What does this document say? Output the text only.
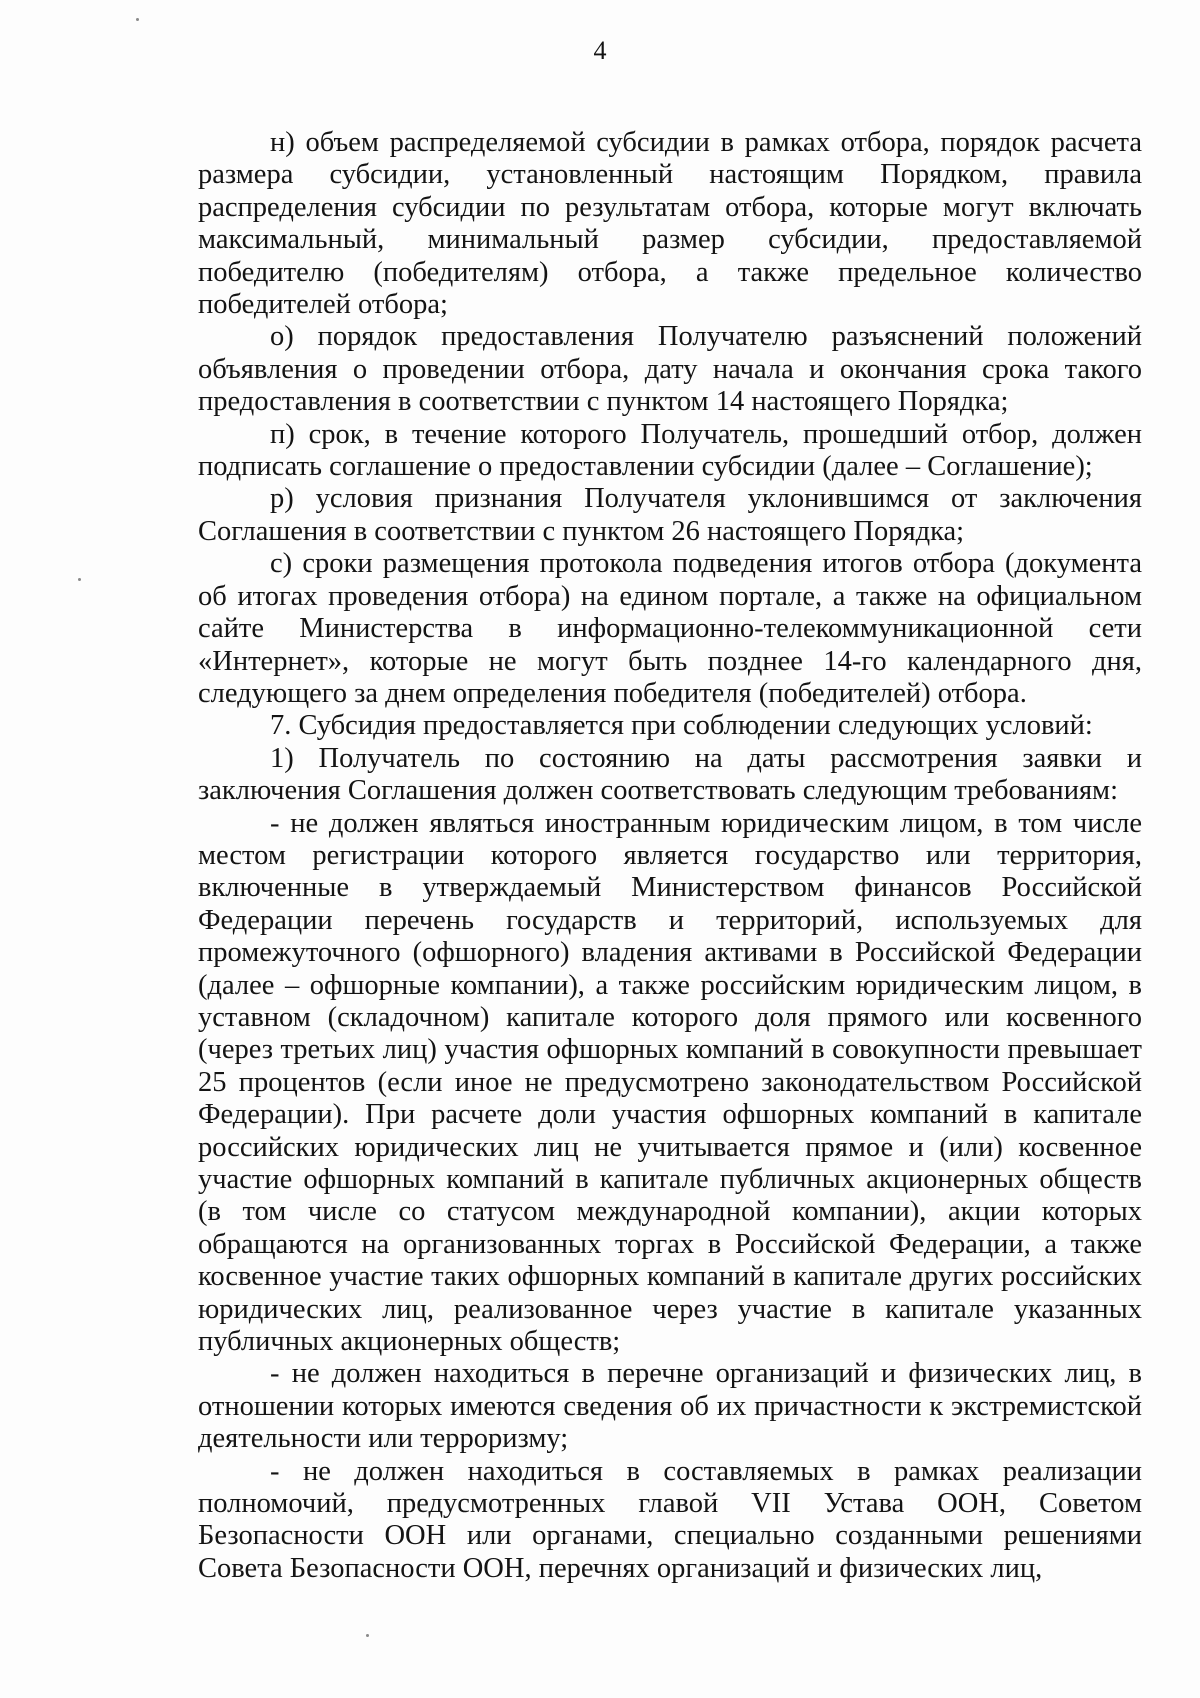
4

н) объем распределяемой субсидии в рамках отбора, порядок расчета размера субсидии, установленный настоящим Порядком, правила распределения субсидии по результатам отбора, которые могут включать максимальный, минимальный размер субсидии, предоставляемой победителю (победителям) отбора, а также предельное количество победителей отбора;

о) порядок предоставления Получателю разъяснений положений объявления о проведении отбора, дату начала и окончания срока такого предоставления в соответствии с пунктом 14 настоящего Порядка;

п) срок, в течение которого Получатель, прошедший отбор, должен подписать соглашение о предоставлении субсидии (далее – Соглашение);

р) условия признания Получателя уклонившимся от заключения Соглашения в соответствии с пунктом 26 настоящего Порядка;

с) сроки размещения протокола подведения итогов отбора (документа об итогах проведения отбора) на едином портале, а также на официальном сайте Министерства в информационно-телекоммуникационной сети «Интернет», которые не могут быть позднее 14-го календарного дня, следующего за днем определения победителя (победителей) отбора.

7. Субсидия предоставляется при соблюдении следующих условий:

1) Получатель по состоянию на даты рассмотрения заявки и заключения Соглашения должен соответствовать следующим требованиям:

- не должен являться иностранным юридическим лицом, в том числе местом регистрации которого является государство или территория, включенные в утверждаемый Министерством финансов Российской Федерации перечень государств и территорий, используемых для промежуточного (офшорного) владения активами в Российской Федерации (далее – офшорные компании), а также российским юридическим лицом, в уставном (складочном) капитале которого доля прямого или косвенного (через третьих лиц) участия офшорных компаний в совокупности превышает 25 процентов (если иное не предусмотрено законодательством Российской Федерации). При расчете доли участия офшорных компаний в капитале российских юридических лиц не учитывается прямое и (или) косвенное участие офшорных компаний в капитале публичных акционерных обществ (в том числе со статусом международной компании), акции которых обращаются на организованных торгах в Российской Федерации, а также косвенное участие таких офшорных компаний в капитале других российских юридических лиц, реализованное через участие в капитале указанных публичных акционерных обществ;

- не должен находиться в перечне организаций и физических лиц, в отношении которых имеются сведения об их причастности к экстремистской деятельности или терроризму;

- не должен находиться в составляемых в рамках реализации полномочий, предусмотренных главой VII Устава ООН, Советом Безопасности ООН или органами, специально созданными решениями Совета Безопасности ООН, перечнях организаций и физических лиц,
